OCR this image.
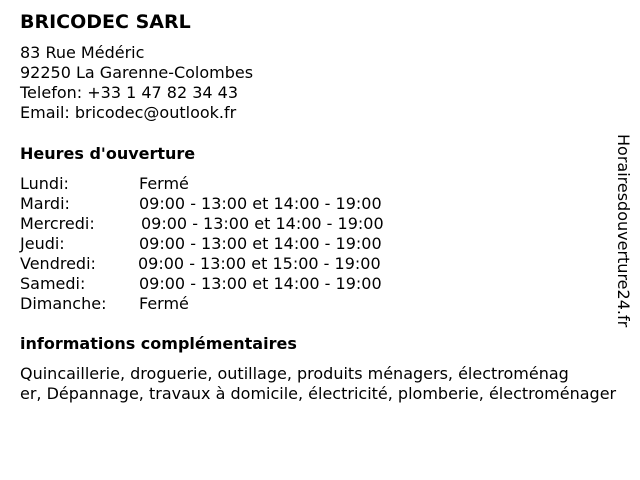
BRICODEC SARL
83 Rue Médéric
92250 La Garenne-Colombes
Telefon: +33 1 47 82 34 43
Email: bricodec@outlook.fr
Heures d'ouverture
Lundi:	Fermé
Mardi:	09:00 - 13:00 et 14:00 - 19:00
Mercredi:	09:00 - 13:00 et 14:00 - 19:00
Jeudi:	09:00 - 13:00 et 14:00 - 19:00
Vendredi:	09:00 - 13:00 et 15:00 - 19:00
Samedi:	09:00 - 13:00 et 14:00 - 19:00
Dimanche: Fermé
informations complémentaires
Quincaillerie, droguerie, outillage, produits ménagers, électroménag
er, Dépannage, travaux à domicile, électricité, plomberie, électroménager
Horairesdouverture24.fr
